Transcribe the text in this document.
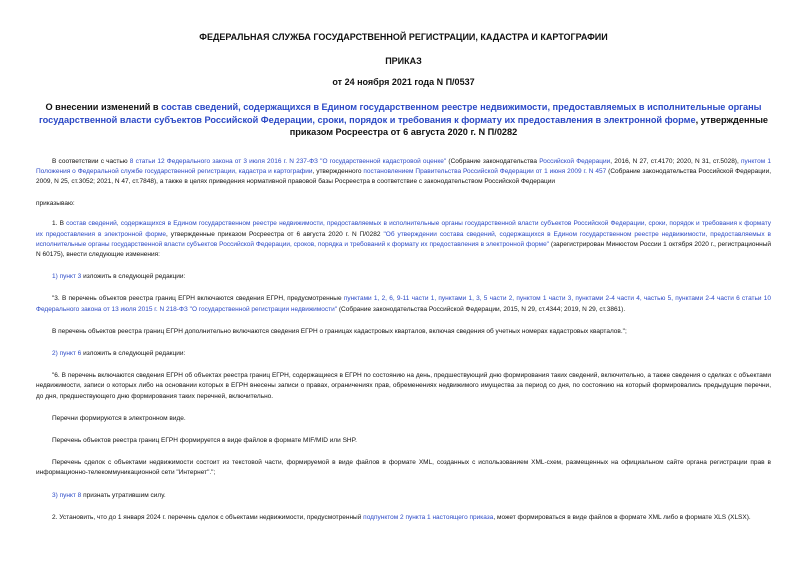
ФЕДЕРАЛЬНАЯ СЛУЖБА ГОСУДАРСТВЕННОЙ РЕГИСТРАЦИИ, КАДАСТРА И КАРТОГРАФИИ
ПРИКАЗ
от 24 ноября 2021 года N П/0537
О внесении изменений в состав сведений, содержащихся в Едином государственном реестре недвижимости, предоставляемых в исполнительные органы государственной власти субъектов Российской Федерации, сроки, порядок и требования к формату их предоставления в электронной форме, утвержденные приказом Росреестра от 6 августа 2020 г. N П/0282

В соответствии с частью 8 статьи 12 Федерального закона от 3 июля 2016 г. N 237-ФЗ "О государственной кадастровой оценке" (Собрание законодательства Российской Федерации, 2016, N 27, ст.4170; 2020, N 31, ст.5028), пунктом 1 Положения о Федеральной службе государственной регистрации, кадастра и картографии, утвержденного постановлением Правительства Российской Федерации от 1 июня 2009 г. N 457 (Собрание законодательства Российской Федерации, 2009, N 25, ст.3052; 2021, N 47, ст.7848), а также в целях приведения нормативной правовой базы Росреестра в соответствие с законодательством Российской Федерации

приказываю:

1. В состав сведений, содержащихся в Едином государственном реестре недвижимости, предоставляемых в исполнительные органы государственной власти субъектов Российской Федерации, сроки, порядок и требования к формату их предоставления в электронной форме, утвержденные приказом Росреестра от 6 августа 2020 г. N П/0282 "Об утверждении состава сведений, содержащихся в Едином государственном реестре недвижимости, предоставляемых в исполнительные органы государственной власти субъектов Российской Федерации, сроков, порядка и требований к формату их предоставления в электронной форме" (зарегистрирован Минюстом России 1 октября 2020 г., регистрационный N 60175), внести следующие изменения:

1) пункт 3 изложить в следующей редакции:

"3. В перечень объектов реестра границ ЕГРН включаются сведения ЕГРН, предусмотренные пунктами 1, 2, 6, 9-11 части 1, пунктами 1, 3, 5 части 2, пунктом 1 части 3, пунктами 2-4 части 4, частью 5, пунктами 2-4 части 6 статьи 10 Федерального закона от 13 июля 2015 г. N 218-ФЗ "О государственной регистрации недвижимости" (Собрание законодательства Российской Федерации, 2015, N 29, ст.4344; 2019, N 29, ст.3861).

В перечень объектов реестра границ ЕГРН дополнительно включаются сведения ЕГРН о границах кадастровых кварталов, включая сведения об учетных номерах кадастровых кварталов.";

2) пункт 6 изложить в следующей редакции:

"6. В перечень включаются сведения ЕГРН об объектах реестра границ ЕГРН, содержащиеся в ЕГРН по состоянию на день, предшествующий дню формирования таких сведений, включительно, а также сведения о сделках с объектами недвижимости, записи о которых либо на основании которых в ЕГРН внесены записи о правах, ограничениях прав, обременениях недвижимого имущества за период со дня, по состоянию на который формировались предыдущие перечни, до дня, предшествующего дню формирования таких перечней, включительно.

Перечни формируются в электронном виде.

Перечень объектов реестра границ ЕГРН формируется в виде файлов в формате MIF/MID или SHP.

Перечень сделок с объектами недвижимости состоит из текстовой части, формируемой в виде файлов в формате XML, созданных с использованием XML-схем, размещенных на официальном сайте органа регистрации прав в информационно-телекоммуникационной сети "Интернет".";

3) пункт 8 признать утратившим силу.

2. Установить, что до 1 января 2024 г. перечень сделок с объектами недвижимости, предусмотренный подпунктом 2 пункта 1 настоящего приказа, может формироваться в виде файлов в формате XML либо в формате XLS (XLSX).
